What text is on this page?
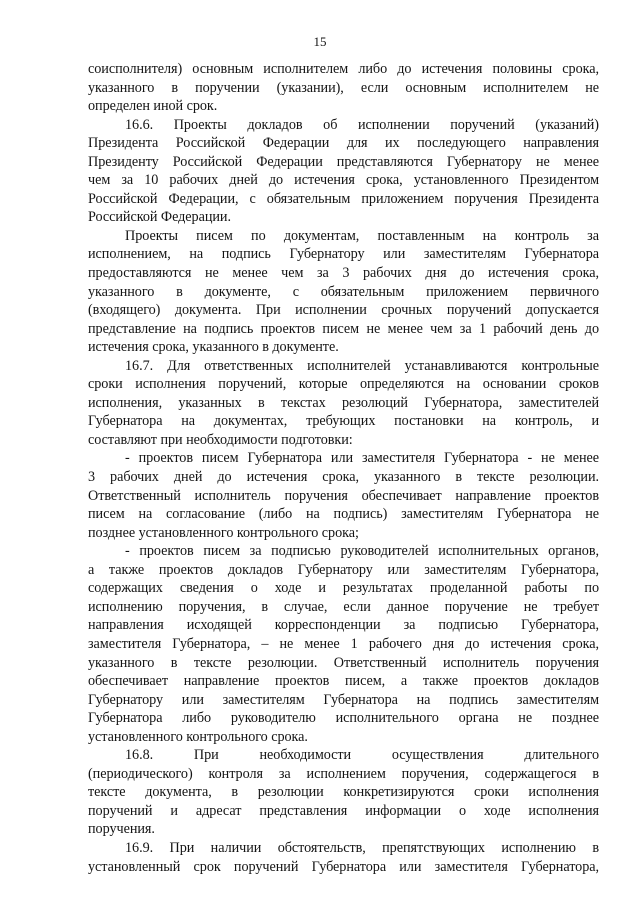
15
соисполнителя) основным исполнителем либо до истечения половины срока,
указанного в поручении (указании), если основным исполнителем не
определен иной срок.
16.6. Проекты докладов об исполнении поручений (указаний)
Президента Российской Федерации для их последующего направления
Президенту Российской Федерации представляются Губернатору не менее
чем за 10 рабочих дней до истечения срока, установленного Президентом
Российской Федерации, с обязательным приложением поручения Президента
Российской Федерации.
Проекты писем по документам, поставленным на контроль за
исполнением, на подпись Губернатору или заместителям Губернатора
предоставляются не менее чем за 3 рабочих дня до истечения срока,
указанного в документе, с обязательным приложением первичного
(входящего) документа. При исполнении срочных поручений допускается
представление на подпись проектов писем не менее чем за 1 рабочий день до
истечения срока, указанного в документе.
16.7. Для ответственных исполнителей устанавливаются контрольные
сроки исполнения поручений, которые определяются на основании сроков
исполнения, указанных в текстах резолюций Губернатора, заместителей
Губернатора на документах, требующих постановки на контроль, и
составляют при необходимости подготовки:
- проектов писем Губернатора или заместителя Губернатора - не менее
3 рабочих дней до истечения срока, указанного в тексте резолюции.
Ответственный исполнитель поручения обеспечивает направление проектов
писем на согласование (либо на подпись) заместителям Губернатора не
позднее установленного контрольного срока;
- проектов писем за подписью руководителей исполнительных органов,
а также проектов докладов Губернатору или заместителям Губернатора,
содержащих сведения о ходе и результатах проделанной работы по
исполнению поручения, в случае, если данное поручение не требует
направления исходящей корреспонденции за подписью Губернатора,
заместителя Губернатора, – не менее 1 рабочего дня до истечения срока,
указанного в тексте резолюции. Ответственный исполнитель поручения
обеспечивает направление проектов писем, а также проектов докладов
Губернатору или заместителям Губернатора на подпись заместителям
Губернатора либо руководителю исполнительного органа не позднее
установленного контрольного срока.
16.8. При необходимости осуществления длительного
(периодического) контроля за исполнением поручения, содержащегося в
тексте документа, в резолюции конкретизируются сроки исполнения
поручений и адресат представления информации о ходе исполнения
поручения.
16.9. При наличии обстоятельств, препятствующих исполнению в
установленный срок поручений Губернатора или заместителя Губернатора,
